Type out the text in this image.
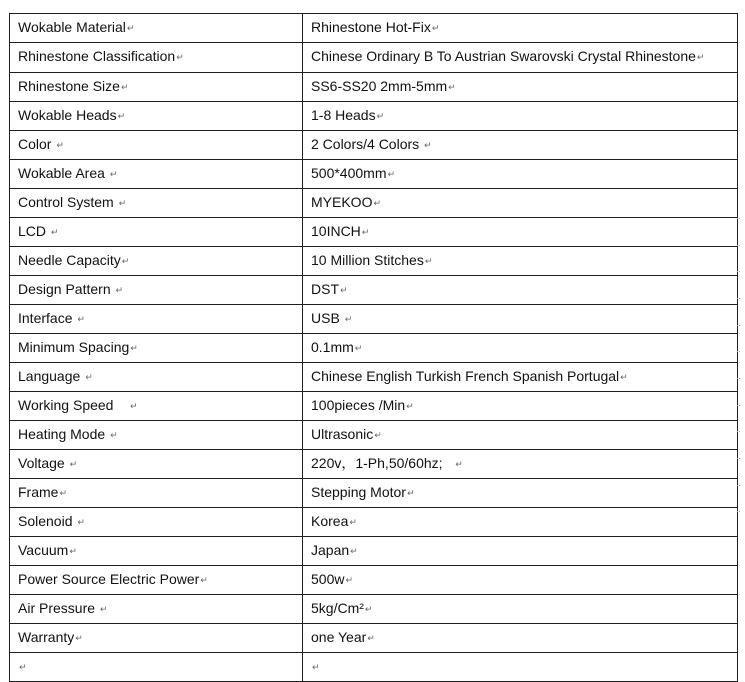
Wokable Material↵	Rhinestone Hot-Fix↵
Rhinestone Classification↵	Chinese Ordinary B To Austrian Swarovski Crystal Rhinestone↵
Rhinestone Size↵	SS6-SS20 2mm-5mm↵
Wokable Heads↵	1-8 Heads↵
Color ↵	2 Colors/4 Colors ↵
Wokable Area ↵	500*400mm↵
Control System ↵	MYEKOO↵
LCD ↵	10INCH↵
Needle Capacity↵	10 Million Stitches↵
Design Pattern ↵	DST↵
Interface ↵	USB ↵
Minimum Spacing↵	0.1mm↵
Language ↵	Chinese English Turkish French Spanish Portugal↵
Working Speed    ↵	100pieces /Min↵
Heating Mode ↵	Ultrasonic↵
Voltage ↵	220v，1-Ph,50/60hz;   ↵
Frame↵	Stepping Motor↵
Solenoid ↵	Korea↵
Vacuum↵	Japan↵
Power Source Electric Power↵	500w↵
Air Pressure ↵	5kg/Cm²↵
Warranty↵	one Year↵
↵	↵
